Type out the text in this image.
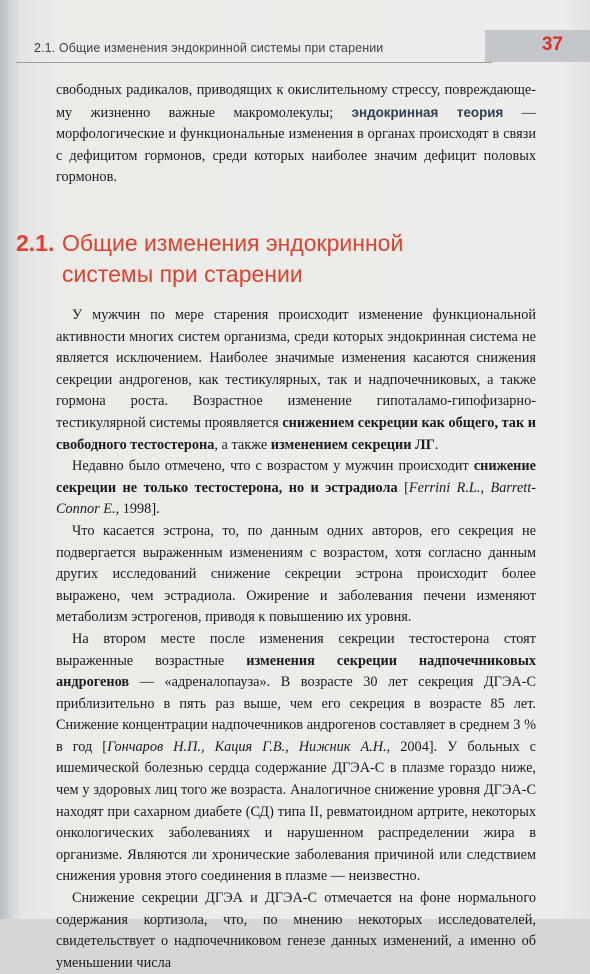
2.1. Общие изменения эндокринной системы при старении	37

свободных радикалов, приводящих к окислительному стрессу, повреждающе-му жизненно важные макромолекулы; эндокринная теория — морфологические и функциональные изменения в органах происходят в связи с дефицитом гормонов, среди которых наиболее значим дефицит половых гормонов.

2.1. Общие изменения эндокринной системы при старении

У мужчин по мере старения происходит изменение функциональной активности многих систем организма, среди которых эндокринная система не является исключением. Наиболее значимые изменения касаются снижения секреции андрогенов, как тестикулярных, так и надпочечниковых, а также гормона роста. Возрастное изменение гипоталамо-гипофизарно-тестикулярной системы проявляется снижением секреции как общего, так и свободного тестостерона, а также изменением секреции ЛГ.

Недавно было отмечено, что с возрастом у мужчин происходит снижение секреции не только тестостерона, но и эстрадиола [Ferrini R.L., Barrett-Connor E., 1998].

Что касается эстрона, то, по данным одних авторов, его секреция не подвергается выраженным изменениям с возрастом, хотя согласно данным других исследований снижение секреции эстрона происходит более выражено, чем эстрадиола. Ожирение и заболевания печени изменяют метаболизм эстрогенов, приводя к повышению их уровня.

На втором месте после изменения секреции тестостерона стоят выраженные возрастные изменения секреции надпочечниковых андрогенов — «адреналопауза». В возрасте 30 лет секреция ДГЭА-С приблизительно в пять раз выше, чем его секреция в возрасте 85 лет. Снижение концентрации надпочечников андрогенов составляет в среднем 3 % в год [Гончаров Н.П., Кация Г.В., Нижник А.Н., 2004]. У больных с ишемической болезнью сердца содержание ДГЭА-С в плазме гораздо ниже, чем у здоровых лиц того же возраста. Аналогичное снижение уровня ДГЭА-С находят при сахарном диабете (СД) типа II, ревматоидном артрите, некоторых онкологических заболеваниях и нарушенном распределении жира в организме. Являются ли хронические заболевания причиной или следствием снижения уровня этого соединения в плазме — неизвестно.

Снижение секреции ДГЭА и ДГЭА-С отмечается на фоне нормального содержания кортизола, что, по мнению некоторых исследователей, свидетельствует о надпочечниковом генезе данных изменений, а именно об уменьшении числа
